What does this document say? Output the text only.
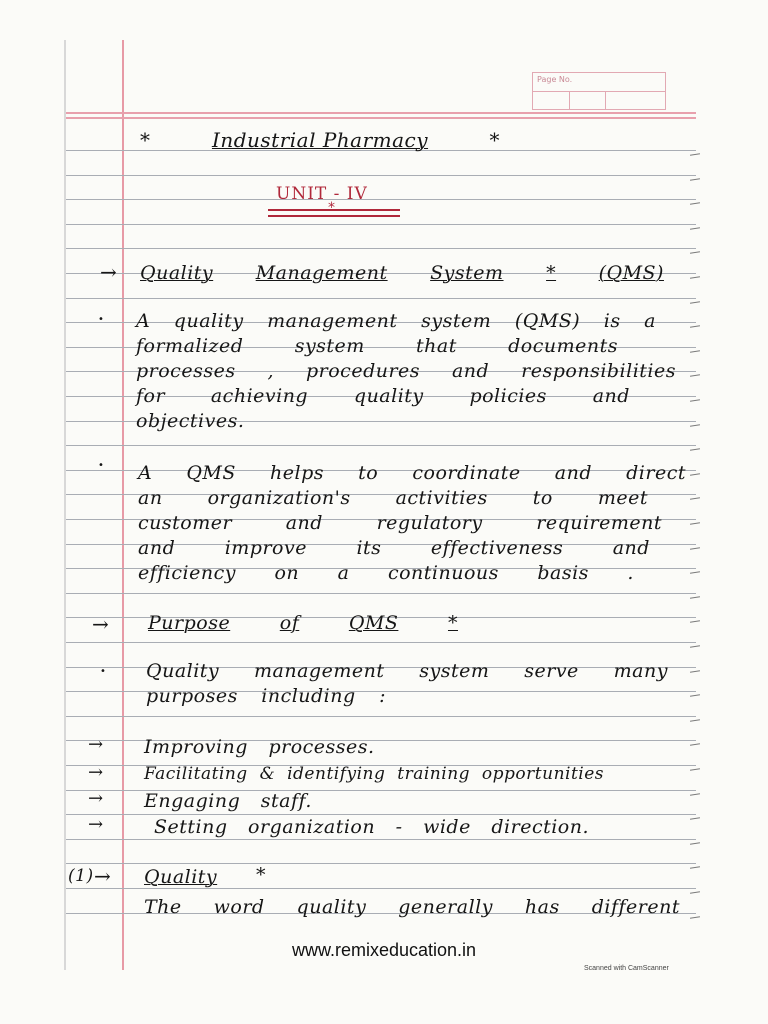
Page No.
*	Industrial Pharmacy	*
UNIT - IV
*
→ Quality Management System * (QMS)
• A quality management system (QMS) is a
formalized	system	that	documents
processes , procedures and responsibilities
for achieving quality policies and
objectives.
• A QMS helps to coordinate and direct
an organization's activities to meet
customer	and	regulatory	requirement
and	improve	its	effectiveness	and
efficiency on a continuous basis .
→ Purpose	of	QMS	*
• Quality management system serve many
purposes including :
→ Improving processes.
→ Facilitating & identifying training opportunities
→ Engaging staff.
→	Setting organization - wide direction.
(1) → Quality *
The word quality generally has different
www.remixeducation.in
Scanned with CamScanner
